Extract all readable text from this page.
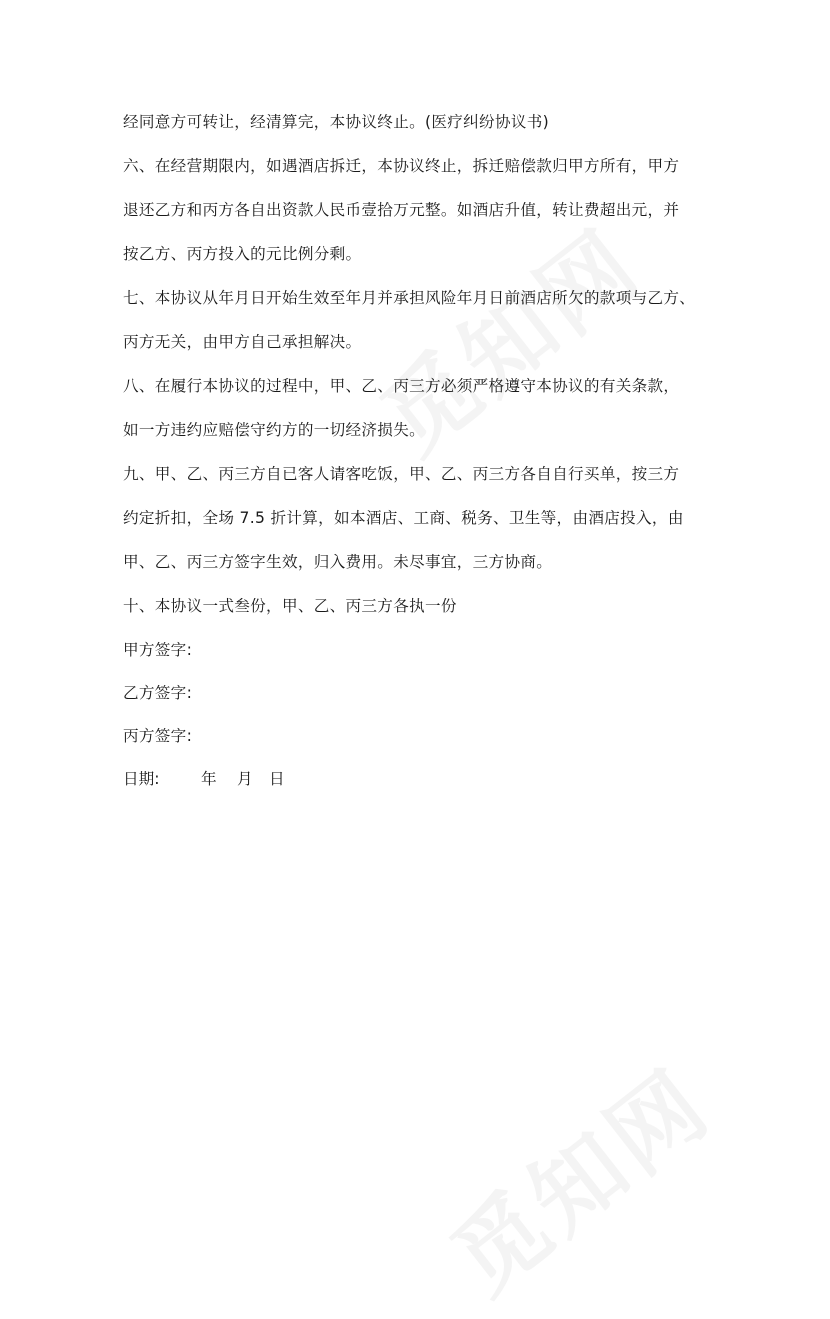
经同意方可转让，经清算完，本协议终止。(医疗纠纷协议书)
六、在经营期限内，如遇酒店拆迁，本协议终止，拆迁赔偿款归甲方所有，甲方
退还乙方和丙方各自出资款人民币壹拾万元整。如酒店升值，转让费超出元，并
按乙方、丙方投入的元比例分剩。
七、本协议从年月日开始生效至年月并承担风险年月日前酒店所欠的款项与乙方、
丙方无关，由甲方自己承担解决。
八、在履行本协议的过程中，甲、乙、丙三方必须严格遵守本协议的有关条款，
如一方违约应赔偿守约方的一切经济损失。
九、甲、乙、丙三方自已客人请客吃饭，甲、乙、丙三方各自自行买单，按三方
约定折扣，全场 7.5 折计算，如本酒店、工商、税务、卫生等，由酒店投入，由
甲、乙、丙三方签字生效，归入费用。未尽事宜，三方协商。
十、本协议一式叁份，甲、乙、丙三方各执一份
甲方签字:
乙方签字:
丙方签字:
日期:	年 月 日
